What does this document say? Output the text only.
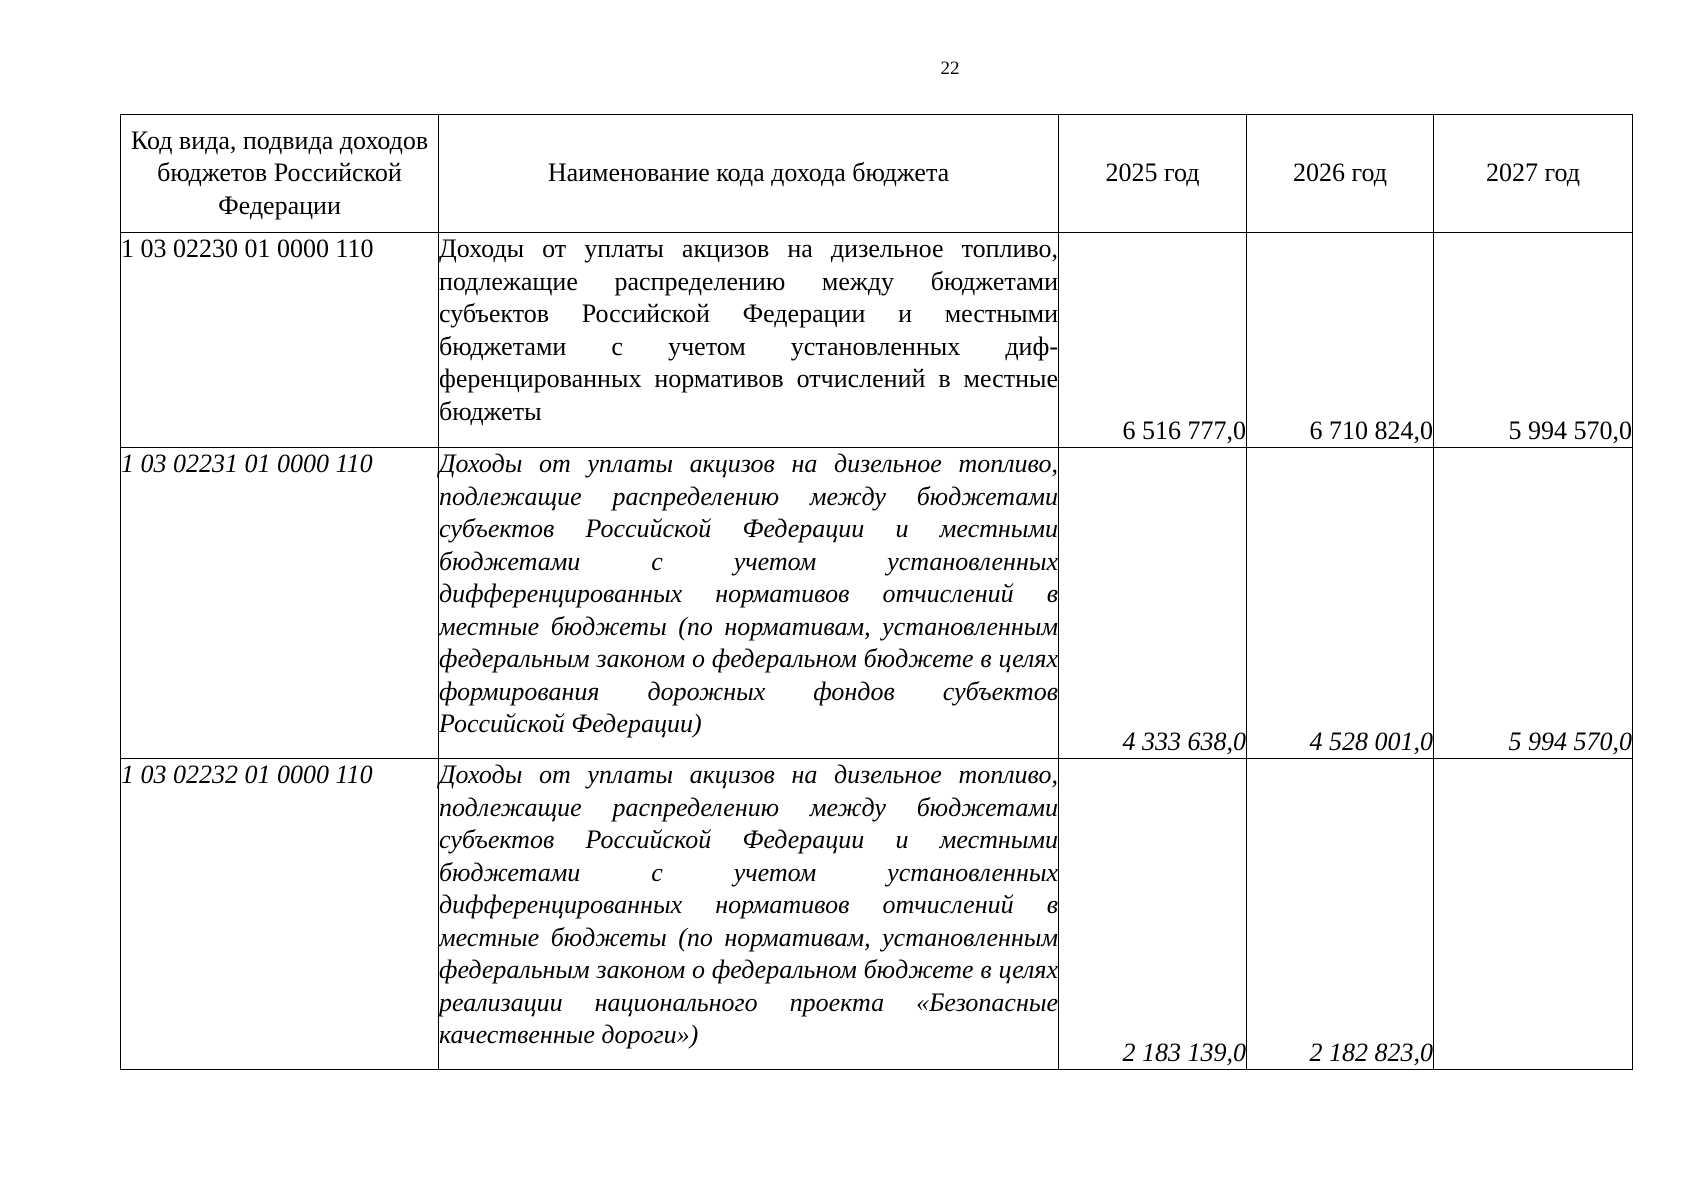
22
Код вида, подвида доходов бюджетов Российской Федерации	Наименование кода дохода бюджета	2025 год	2026 год	2027 год
1 03 02230 01 0000 110	Доходы от уплаты акцизов на дизельное топливо, подлежащие распределению между бюджетами субъектов Российской Федерации и местными бюджетами с учетом установленных дифференцированных нормативов отчислений в местные бюджеты	6 516 777,0	6 710 824,0	5 994 570,0
1 03 02231 01 0000 110	Доходы от уплаты акцизов на дизельное топливо, подлежащие распределению между бюджетами субъектов Российской Федерации и местными бюджетами с учетом установленных дифференцированных нормативов отчислений в местные бюджеты (по нормативам, установленным федеральным законом о федеральном бюджете в целях формирования дорожных фондов субъектов Российской Федерации)	4 333 638,0	4 528 001,0	5 994 570,0
1 03 02232 01 0000 110	Доходы от уплаты акцизов на дизельное топливо, подлежащие распределению между бюджетами субъектов Российской Федерации и местными бюджетами с учетом установленных дифференцированных нормативов отчислений в местные бюджеты (по нормативам, установленным федеральным законом о федеральном бюджете в целях реализации национального проекта «Безопасные качественные дороги»)	2 183 139,0	2 182 823,0	
